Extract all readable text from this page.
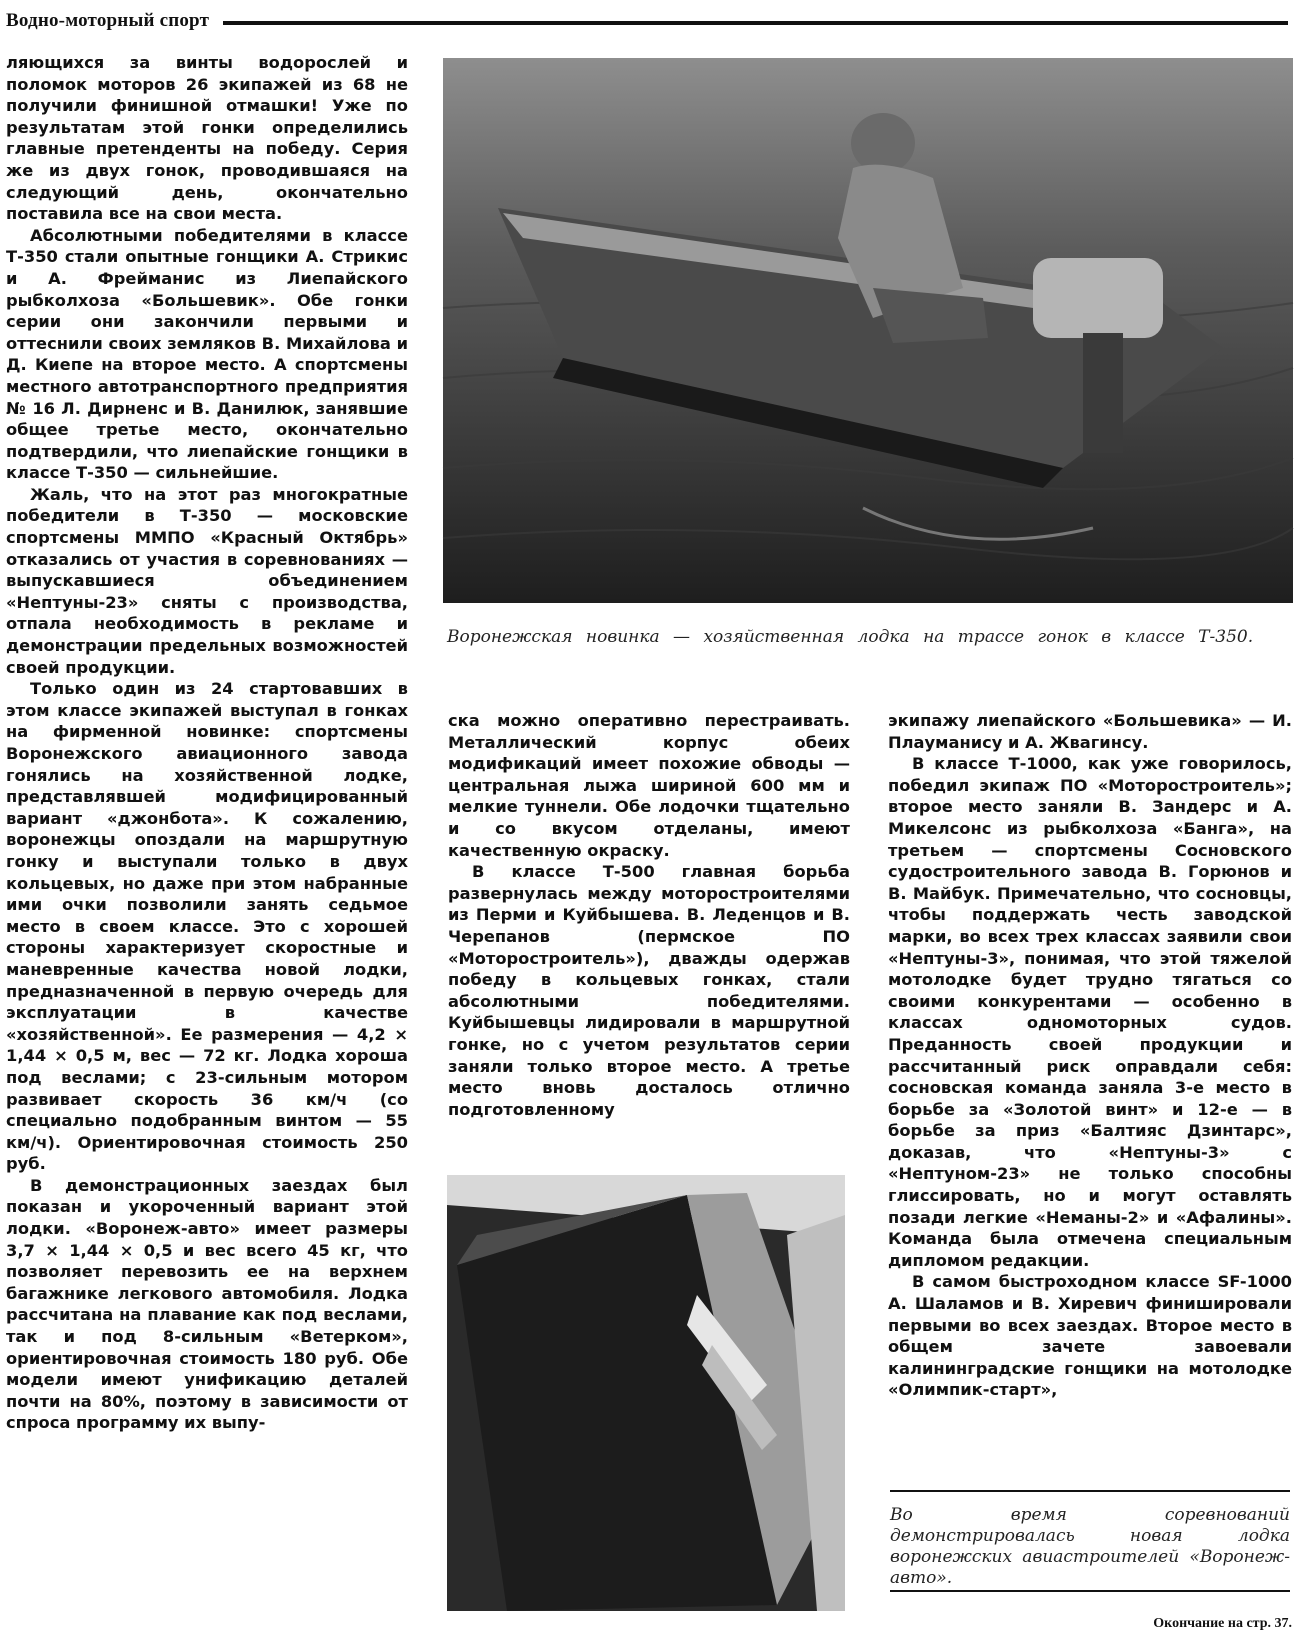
Водно-моторный спорт

ляющихся за винты водорослей и поломок моторов 26 экипажей из 68 не получили финишной отмашки! Уже по результатам этой гонки определились главные претенденты на победу. Серия же из двух гонок, проводившаяся на следующий день, окончательно поставила все на свои места.

Абсолютными победителями в классе Т-350 стали опытные гонщики А. Стрикис и А. Фрейманис из Лиепайского рыбколхоза «Большевик». Обе гонки серии они закончили первыми и оттеснили своих земляков В. Михайлова и Д. Киепе на второе место. А спортсмены местного автотранспортного предприятия № 16 Л. Дирненс и В. Данилюк, занявшие общее третье место, окончательно подтвердили, что лиепайские гонщики в классе Т-350 — сильнейшие.

Жаль, что на этот раз многократные победители в Т-350 — московские спортсмены ММПО «Красный Октябрь» отказались от участия в соревнованиях — выпускавшиеся объединением «Нептуны-23» сняты с производства, отпала необходимость в рекламе и демонстрации предельных возможностей своей продукции.

Только один из 24 стартовавших в этом классе экипажей выступал в гонках на фирменной новинке: спортсмены Воронежского авиационного завода гонялись на хозяйственной лодке, представлявшей модифицированный вариант «джонбота». К сожалению, воронежцы опоздали на маршрутную гонку и выступали только в двух кольцевых, но даже при этом набранные ими очки позволили занять седьмое место в своем классе. Это с хорошей стороны характеризует скоростные и маневренные качества новой лодки, предназначенной в первую очередь для эксплуатации в качестве «хозяйственной». Ее размерения — 4,2 × 1,44 × 0,5 м, вес — 72 кг. Лодка хороша под веслами; с 23-сильным мотором развивает скорость 36 км/ч (со специально подобранным винтом — 55 км/ч). Ориентировочная стоимость 250 руб.

В демонстрационных заездах был показан и укороченный вариант этой лодки. «Воронеж-авто» имеет размеры 3,7 × 1,44 × 0,5 и вес всего 45 кг, что позволяет перевозить ее на верхнем багажнике легкового автомобиля. Лодка рассчитана на плавание как под веслами, так и под 8-сильным «Ветерком», ориентировочная стоимость 180 руб. Обе модели имеют унификацию деталей почти на 80%, поэтому в зависимости от спроса программу их выпу-

Воронежская новинка — хозяйственная лодка на трассе гонок в классе Т-350.

ска можно оперативно перестраивать. Металлический корпус обеих модификаций имеет похожие обводы — центральная лыжа шириной 600 мм и мелкие туннели. Обе лодочки тщательно и со вкусом отделаны, имеют качественную окраску.

В классе Т-500 главная борьба развернулась между моторостроителями из Перми и Куйбышева. В. Леденцов и В. Черепанов (пермское ПО «Моторостроитель»), дважды одержав победу в кольцевых гонках, стали абсолютными победителями. Куйбышевцы лидировали в маршрутной гонке, но с учетом результатов серии заняли только второе место. А третье место вновь досталось отлично подготовленному

экипажу лиепайского «Большевика» — И. Плауманису и А. Жвагинсу.

В классе Т-1000, как уже говорилось, победил экипаж ПО «Моторостроитель»; второе место заняли В. Зандерс и А. Микелсонс из рыбколхоза «Банга», на третьем — спортсмены Сосновского судостроительного завода В. Горюнов и В. Майбук. Примечательно, что сосновцы, чтобы поддержать честь заводской марки, во всех трех классах заявили свои «Нептуны-3», понимая, что этой тяжелой мотолодке будет трудно тягаться со своими конкурентами — особенно в классах одномоторных судов. Преданность своей продукции и рассчитанный риск оправдали себя: сосновская команда заняла 3-е место в борьбе за «Золотой винт» и 12-е — в борьбе за приз «Балтияс Дзинтарс», доказав, что «Нептуны-3» с «Нептуном-23» не только способны глиссировать, но и могут оставлять позади легкие «Неманы-2» и «Афалины». Команда была отмечена специальным дипломом редакции.

В самом быстроходном классе SF-1000 А. Шаламов и В. Хиревич финишировали первыми во всех заездах. Второе место в общем зачете завоевали калининградские гонщики на мотолодке «Олимпик-старт»,

Во время соревнований демонстрировалась новая лодка воронежских авиастроителей «Воронеж-авто».
Окончание на стр. 37.
